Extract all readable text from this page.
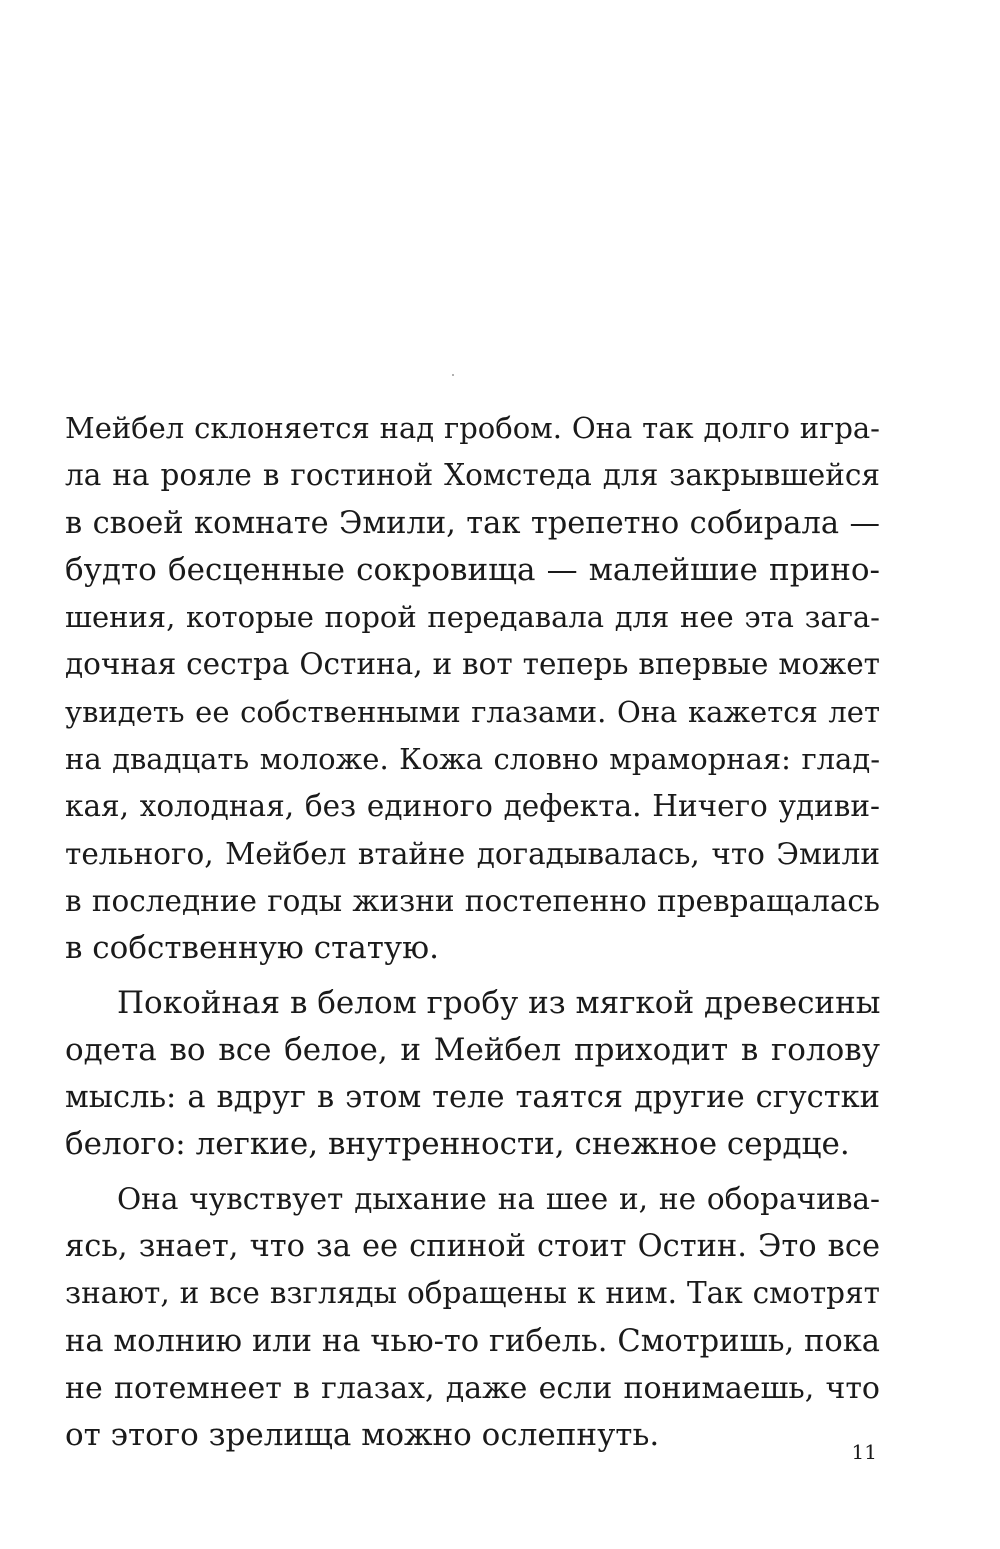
Мейбел склоняется над гробом. Она так долго игра-
ла на рояле в гостиной Хомстеда для закрывшейся
в своей комнате Эмили, так трепетно собирала —
будто бесценные сокровища — малейшие прино-
шения, которые порой передавала для нее эта зага-
дочная сестра Остина, и вот теперь впервые может
увидеть ее собственными глазами. Она кажется лет
на двадцать моложе. Кожа словно мраморная: глад-
кая, холодная, без единого дефекта. Ничего удиви-
тельного, Мейбел втайне догадывалась, что Эмили
в последние годы жизни постепенно превращалась
в собственную статую.
Покойная в белом гробу из мягкой древесины
одета во все белое, и Мейбел приходит в голову
мысль: а вдруг в этом теле таятся другие сгустки
белого: легкие, внутренности, снежное сердце.
Она чувствует дыхание на шее и, не оборачива-
ясь, знает, что за ее спиной стоит Остин. Это все
знают, и все взгляды обращены к ним. Так смотрят
на молнию или на чью-то гибель. Смотришь, пока
не потемнеет в глазах, даже если понимаешь, что
от этого зрелища можно ослепнуть.	11
